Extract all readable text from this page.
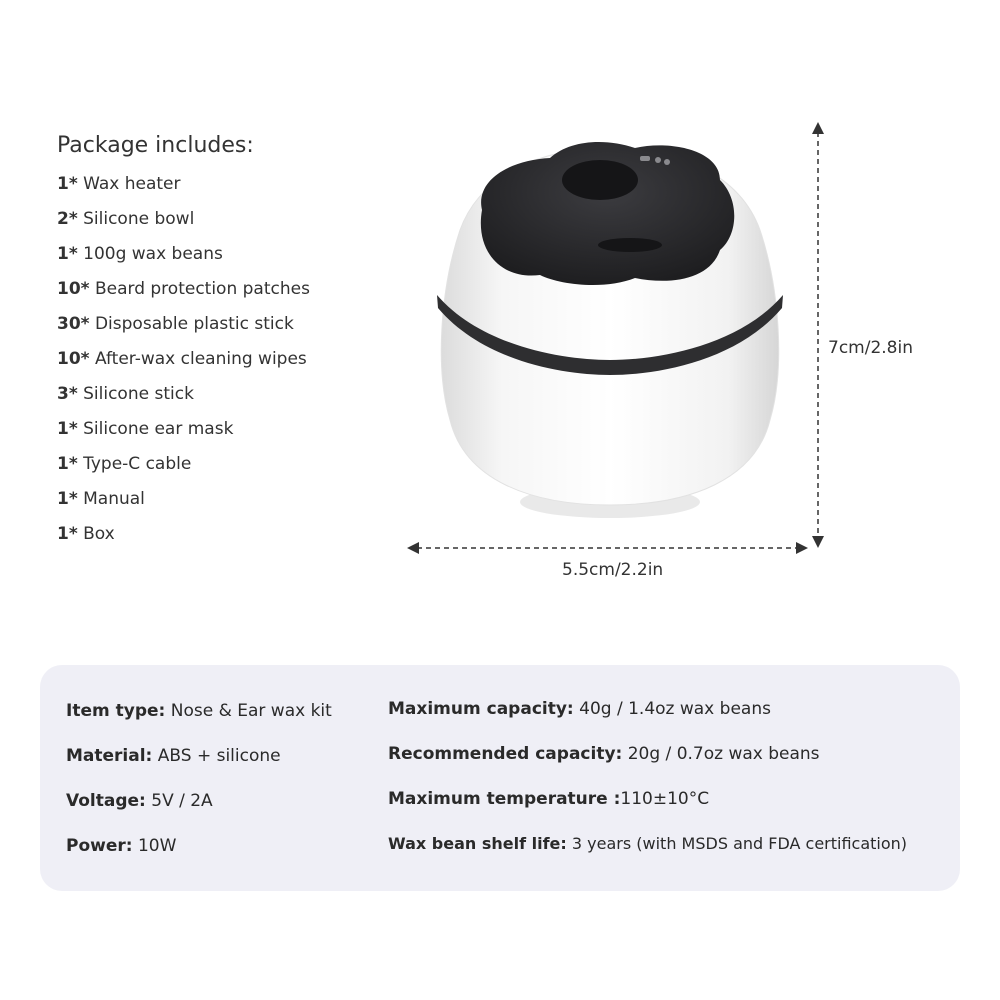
Package includes:
1* Wax heater
2* Silicone bowl
1* 100g wax beans
10* Beard protection patches
30* Disposable plastic stick
10* After-wax cleaning wipes
3* Silicone stick
1* Silicone ear mask
1* Type-C cable
1* Manual
1* Box
7cm/2.8in
5.5cm/2.2in
Item type: Nose & Ear wax kit
Material: ABS + silicone
Voltage: 5V / 2A
Power: 10W
Maximum capacity: 40g / 1.4oz wax beans
Recommended capacity: 20g / 0.7oz wax beans
Maximum temperature :110±10°C
Wax bean shelf life: 3 years (with MSDS and FDA certification)
